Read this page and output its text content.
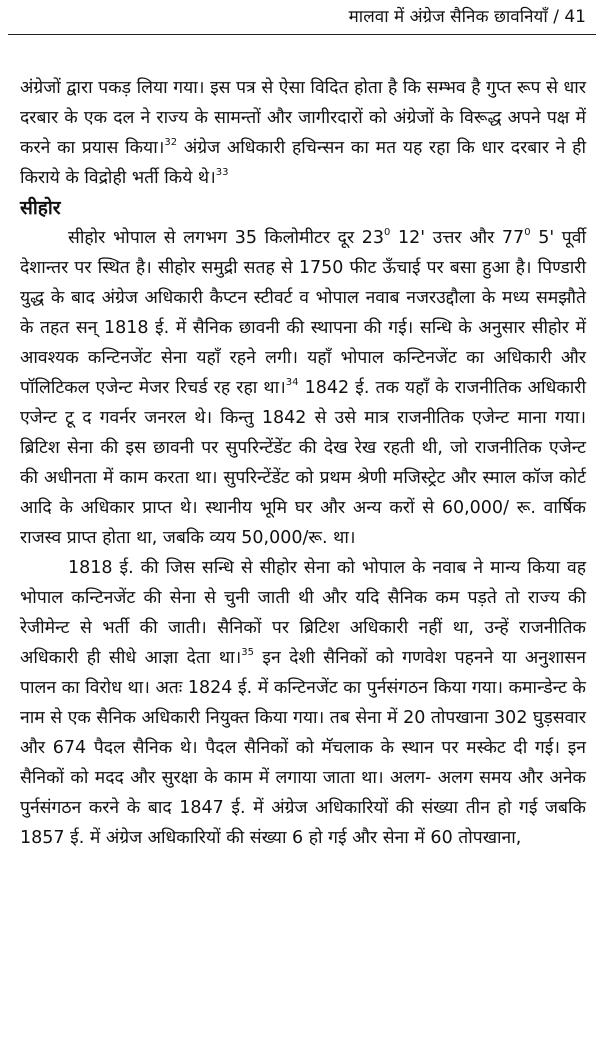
मालवा में अंग्रेज सैनिक छावनियाँ / 41

अंग्रेजों द्वारा पकड़ लिया गया। इस पत्र से ऐसा विदित होता है कि सम्भव है गुप्त रूप से धार दरबार के एक दल ने राज्य के सामन्तों और जागीरदारों को अंग्रेजों के विरूद्ध अपने पक्ष में करने का प्रयास किया।$^{32}$ अंग्रेज अधिकारी हचिन्सन का मत यह रहा कि धार दरबार ने ही किराये के विद्रोही भर्ती किये थे।$^{33}$

सीहोर

सीहोर भोपाल से लगभग 35 किलोमीटर दूर 23$^0$ 12' उत्तर और 77$^0$ 5' पूर्वी देशान्तर पर स्थित है। सीहोर समुद्री सतह से 1750 फीट ऊँचाई पर बसा हुआ है। पिण्डारी युद्ध के बाद अंग्रेज अधिकारी कैप्टन स्टीवर्ट व भोपाल नवाब नजरउद्दौला के मध्य समझौते के तहत सन् 1818 ई. में सैनिक छावनी की स्थापना की गई। सन्धि के अनुसार सीहोर में आवश्यक कन्टिनजेंट सेना यहाँ रहने लगी। यहाँ भोपाल कन्टिनजेंट का अधिकारी और पॉलिटिकल एजेन्ट मेजर रिचर्ड रह रहा था।$^{34}$ 1842 ई. तक यहाँ के राजनीतिक अधिकारी एजेन्ट टू द गवर्नर जनरल थे। किन्तु 1842 से उसे मात्र राजनीतिक एजेन्ट माना गया। ब्रिटिश सेना की इस छावनी पर सुपरिन्टेंडेंट की देख रेख रहती थी, जो राजनीतिक एजेन्ट की अधीनता में काम करता था। सुपरिन्टेंडेंट को प्रथम श्रेणी मजिस्ट्रेट और स्माल कॉज कोर्ट आदि के अधिकार प्राप्त थे। स्थानीय भूमि घर और अन्य करों से 60,000/ रू. वार्षिक राजस्व प्राप्त होता था, जबकि व्यय 50,000/रू. था।

1818 ई. की जिस सन्धि से सीहोर सेना को भोपाल के नवाब ने मान्य किया वह भोपाल कन्टिनजेंट की सेना से चुनी जाती थी और यदि सैनिक कम पड़ते तो राज्य की रेजीमेन्ट से भर्ती की जाती। सैनिकों पर ब्रिटिश अधिकारी नहीं था, उन्हें राजनीतिक अधिकारी ही सीधे आज्ञा देता था।$^{35}$ इन देशी सैनिकों को गणवेश पहनने या अनुशासन पालन का विरोध था। अतः 1824 ई. में कन्टिनजेंट का पुर्नसंगठन किया गया। कमान्डेन्ट के नाम से एक सैनिक अधिकारी नियुक्त किया गया। तब सेना में 20 तोपखाना 302 घुड़सवार और 674 पैदल सैनिक थे। पैदल सैनिकों को मॅचलाक के स्थान पर मस्केट दी गई। इन सैनिकों को मदद और सुरक्षा के काम में लगाया जाता था। अलग- अलग समय और अनेक पुर्नसंगठन करने के बाद 1847 ई. में अंग्रेज अधिकारियों की संख्या तीन हो गई जबकि 1857 ई. में अंग्रेज अधिकारियों की संख्या 6 हो गई और सेना में 60 तोपखाना,
